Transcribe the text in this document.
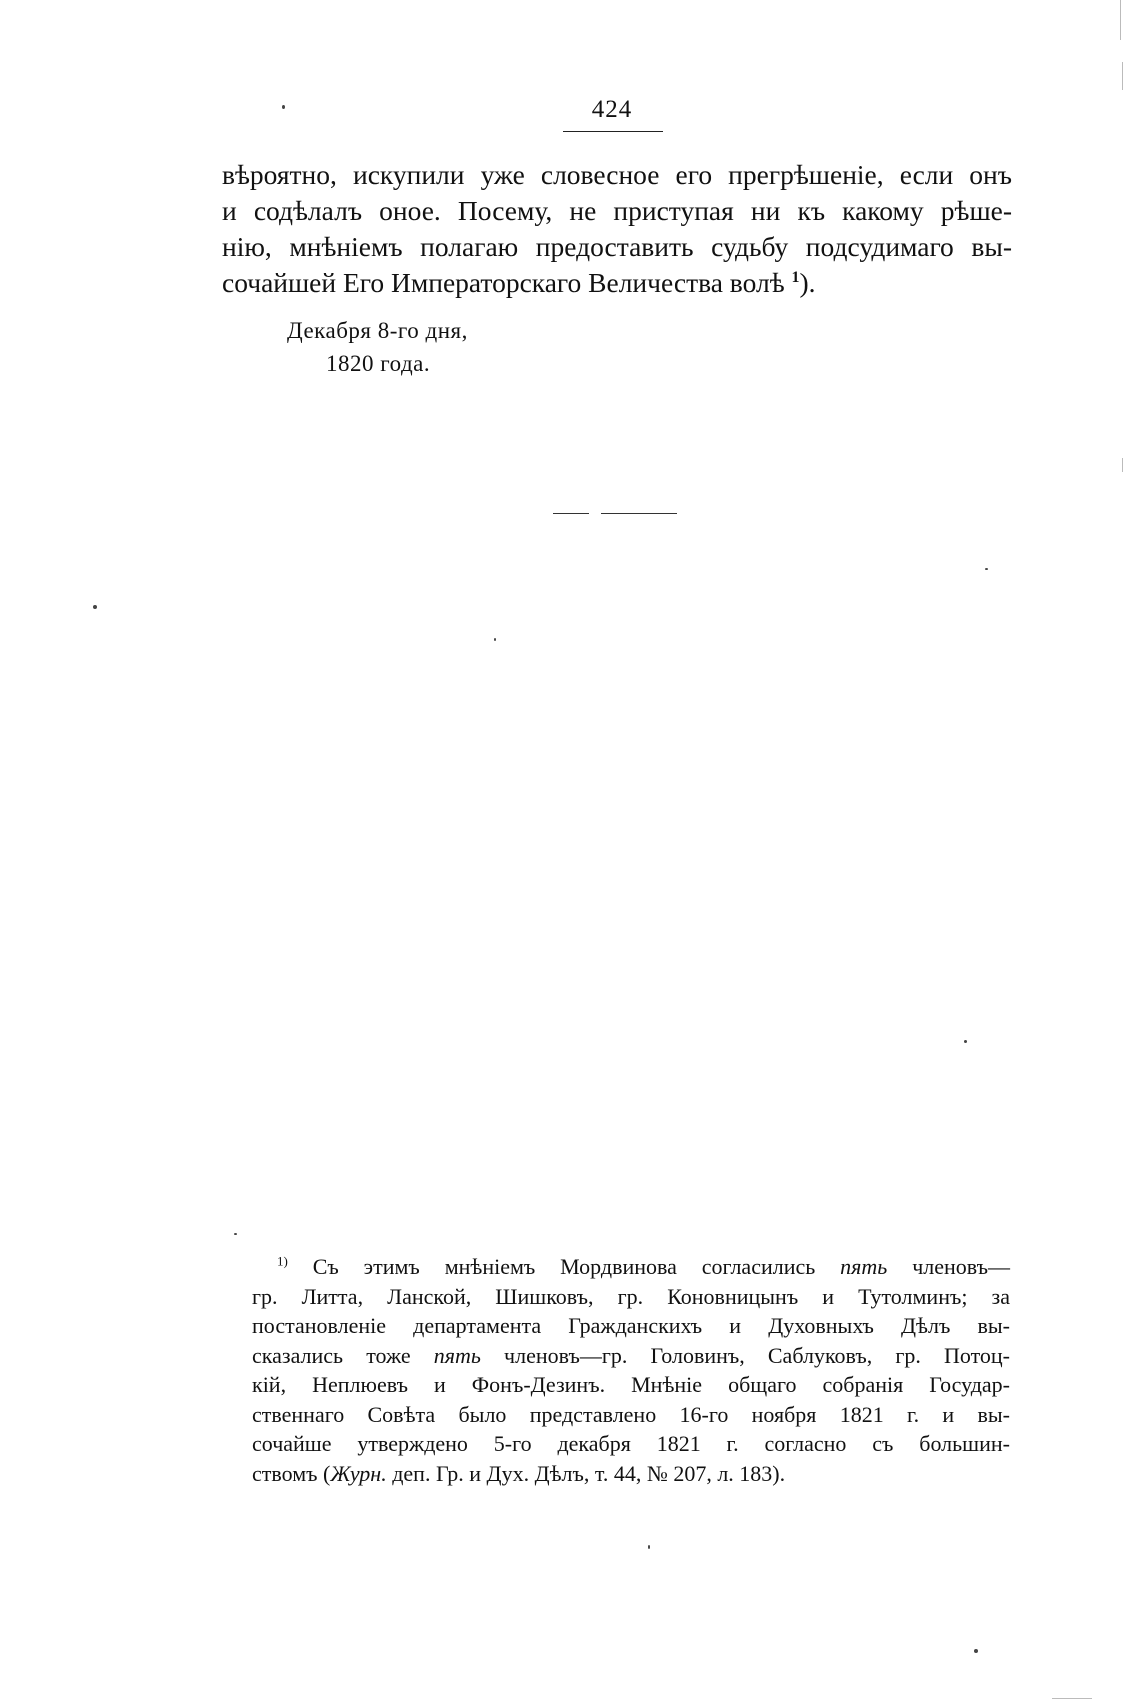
424
вѣроятно, искупили уже словесное его прегрѣшеніе, если онъ
и содѣлалъ оное. Посему, не приступая ни къ какому рѣше-
нію, мнѣніемъ полагаю предоставить судьбу подсудимаго вы-
сочайшей Его Императорскаго Величества волѣ $^1$).
Декабря 8-го дня,
1820 года.
$^{1)}$ Съ этимъ мнѣніемъ Мордвинова согласились пять членовъ—
гр. Литта, Ланской, Шишковъ, гр. Коновницынъ и Тутолминъ; за
постановленіе департамента Гражданскихъ и Духовныхъ Дѣлъ вы-
сказались тоже пять членовъ—гр. Головинъ, Саблуковъ, гр. Потоц-
кій, Неплюевъ и Фонъ-Дезинъ. Мнѣніе общаго собранія Государ-
ственнаго Совѣта было представлено 16-го ноября 1821 г. и вы-
сочайше утверждено 5-го декабря 1821 г. согласно съ большин-
ствомъ (Журн. деп. Гр. и Дух. Дѣлъ, т. 44, № 207, л. 183).
